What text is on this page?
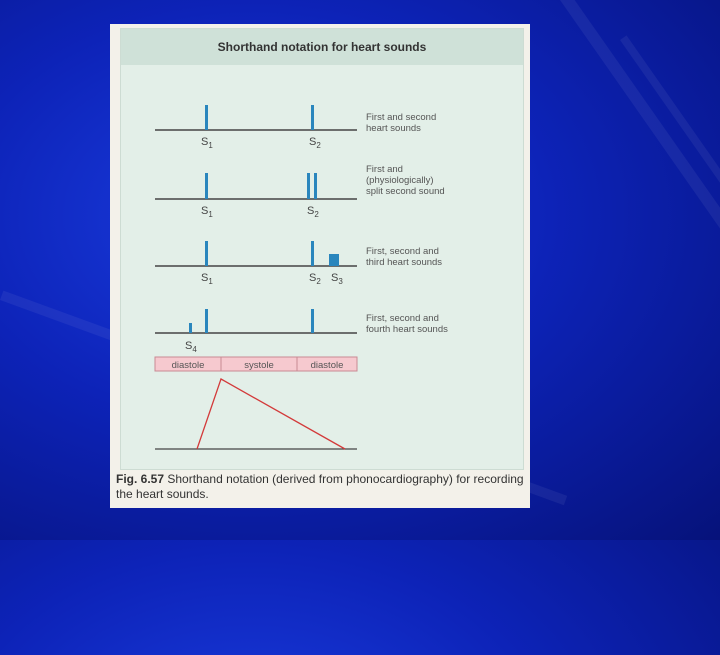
Shorthand notation for heart sounds
$S_1$	$S_2$
First and second heart sounds
$S_1$	$S_2$
First and (physiologically) split second sound
$S_1$	$S_2$ $S_3$
First, second and third heart sounds
$S_4$
First, second and fourth heart sounds
diastole	systole	diastole
Fig. 6.57 Shorthand notation (derived from phonocardiography) for recording the heart sounds.
